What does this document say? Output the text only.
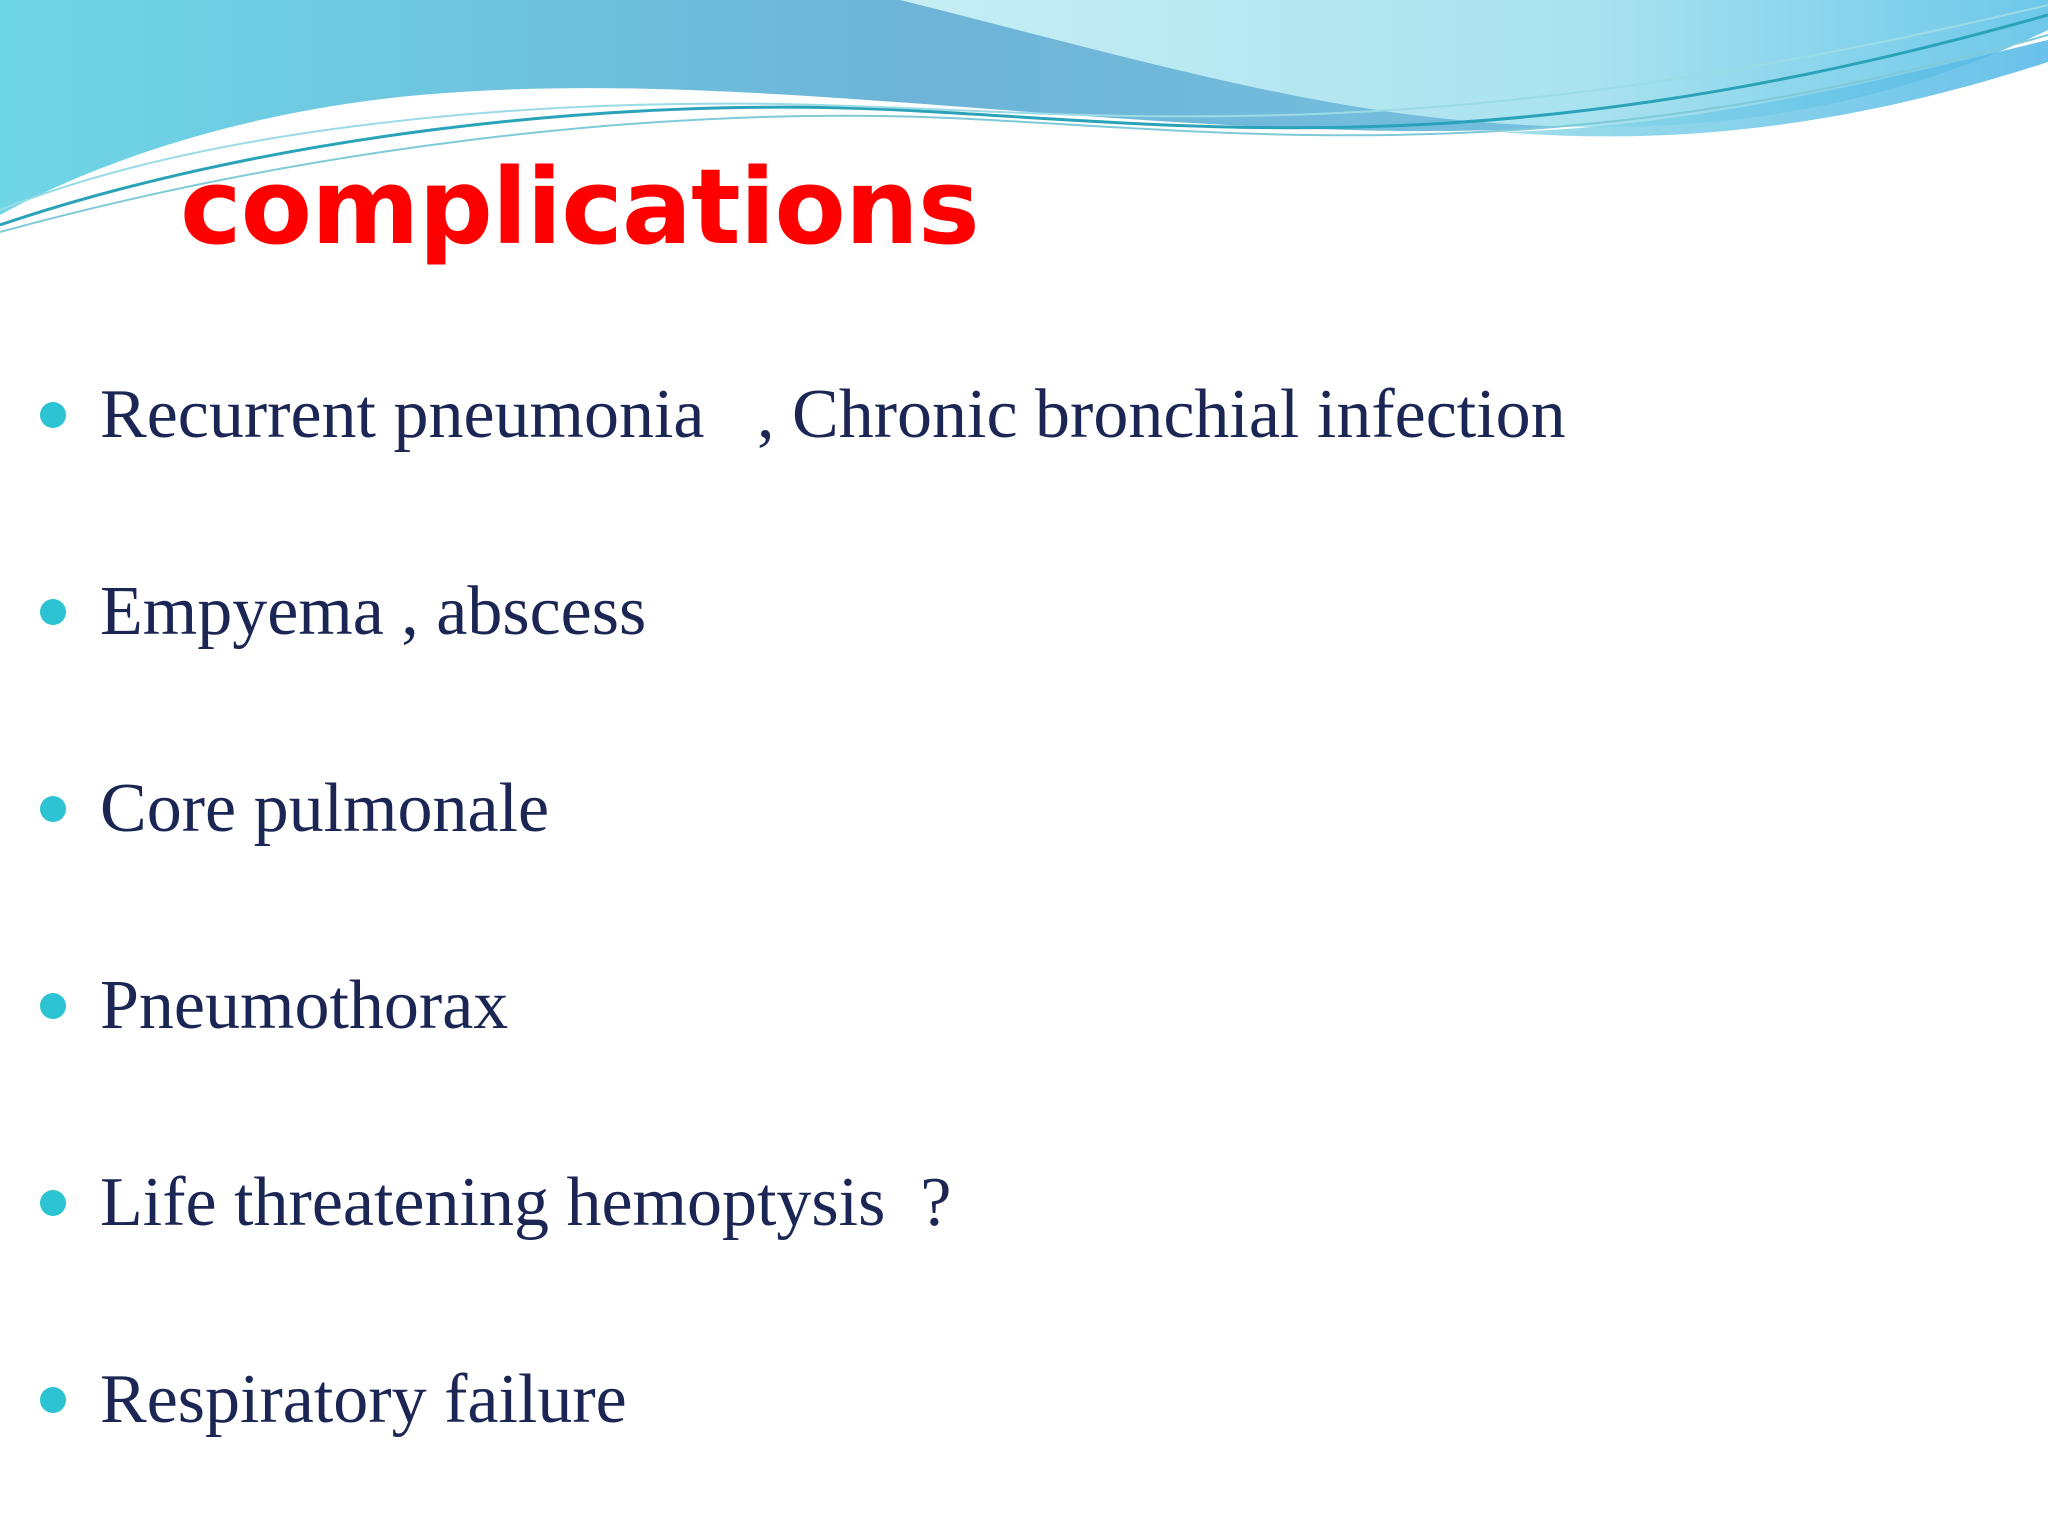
complications
Recurrent pneumonia   , Chronic bronchial infection
Empyema , abscess
Core pulmonale
Pneumothorax
Life threatening hemoptysis  ?
Respiratory failure
